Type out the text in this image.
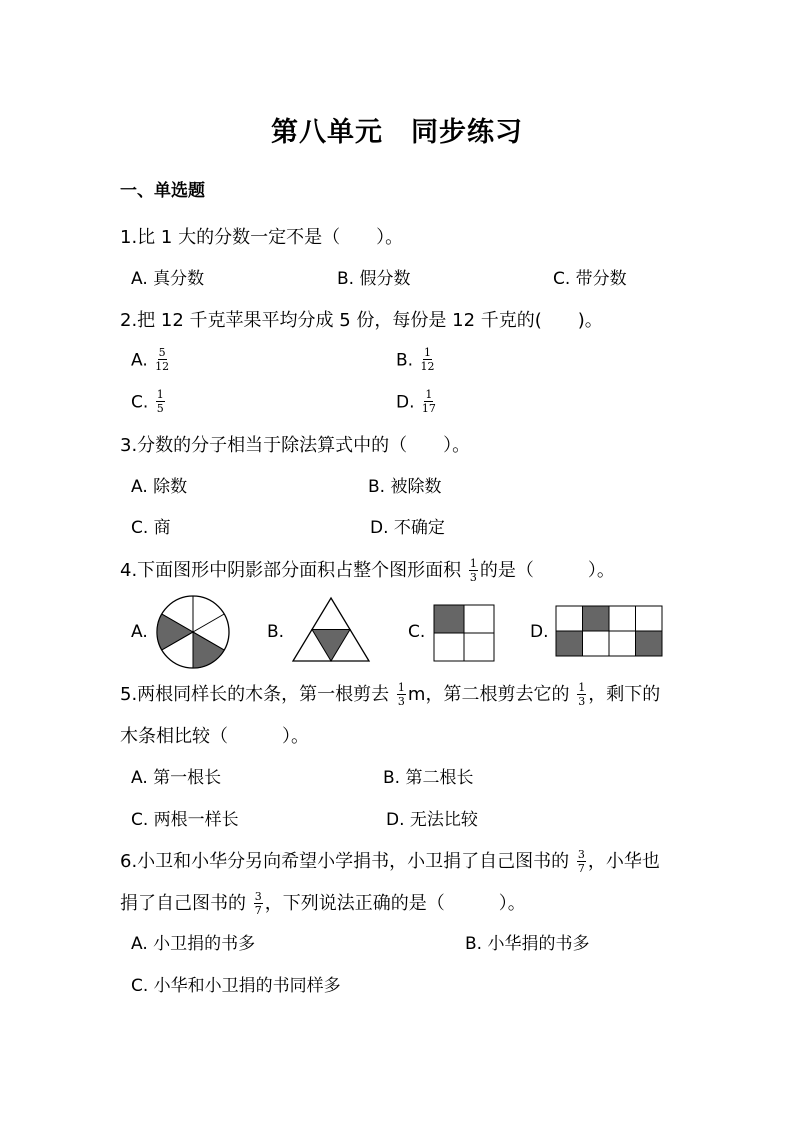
第八单元　同步练习
一、单选题
1.比 1 大的分数一定不是（　　）。
A. 真分数	B. 假分数	C. 带分数
2.把 12 千克苹果平均分成 5 份，每份是 12 千克的(　　)。
A. $\frac{5}{12}$	B. $\frac{1}{12}$
C. $\frac{1}{5}$	D. $\frac{1}{17}$
3.分数的分子相当于除法算式中的（　　）。
A. 除数	B. 被除数
C. 商	D. 不确定
4.下面图形中阴影部分面积占整个图形面积 $\frac{1}{3}$ 的是（　　　）。
A.	B.	C.	D.
5.两根同样长的木条，第一根剪去 $\frac{1}{3}$ m，第二根剪去它的 $\frac{1}{3}$ ，剩下的
木条相比较（　　　）。
A. 第一根长	B. 第二根长
C. 两根一样长	D. 无法比较
6.小卫和小华分另向希望小学捐书，小卫捐了自己图书的 $\frac{3}{7}$ ，小华也
捐了自己图书的 $\frac{3}{7}$ ，下列说法正确的是（　　　）。
A. 小卫捐的书多	B. 小华捐的书多
C. 小华和小卫捐的书同样多
